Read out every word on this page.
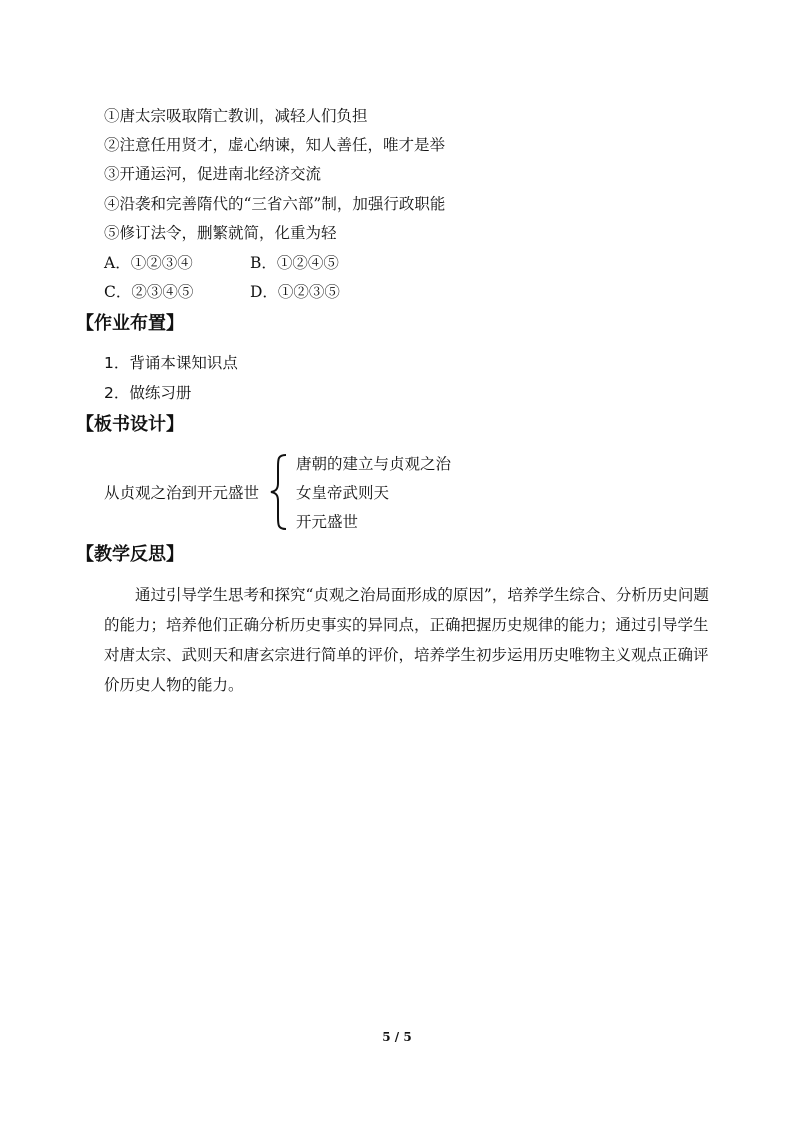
①唐太宗吸取隋亡教训，减轻人们负担
②注意任用贤才，虚心纳谏，知人善任，唯才是举
③开通运河，促进南北经济交流
④沿袭和完善隋代的“三省六部”制，加强行政职能
⑤修订法令，删繁就简，化重为轻
A．①②③④	B．①②④⑤
C．②③④⑤	D．①②③⑤
【作业布置】
1．背诵本课知识点
2．做练习册
【板书设计】
从贞观之治到开元盛世
唐朝的建立与贞观之治
女皇帝武则天
开元盛世
【教学反思】

通过引导学生思考和探究“贞观之治局面形成的原因”，培养学生综合、分析历史问题的能力；培养他们正确分析历史事实的异同点，正确把握历史规律的能力；通过引导学生对唐太宗、武则天和唐玄宗进行简单的评价，培养学生初步运用历史唯物主义观点正确评价历史人物的能力。

5 / 5
